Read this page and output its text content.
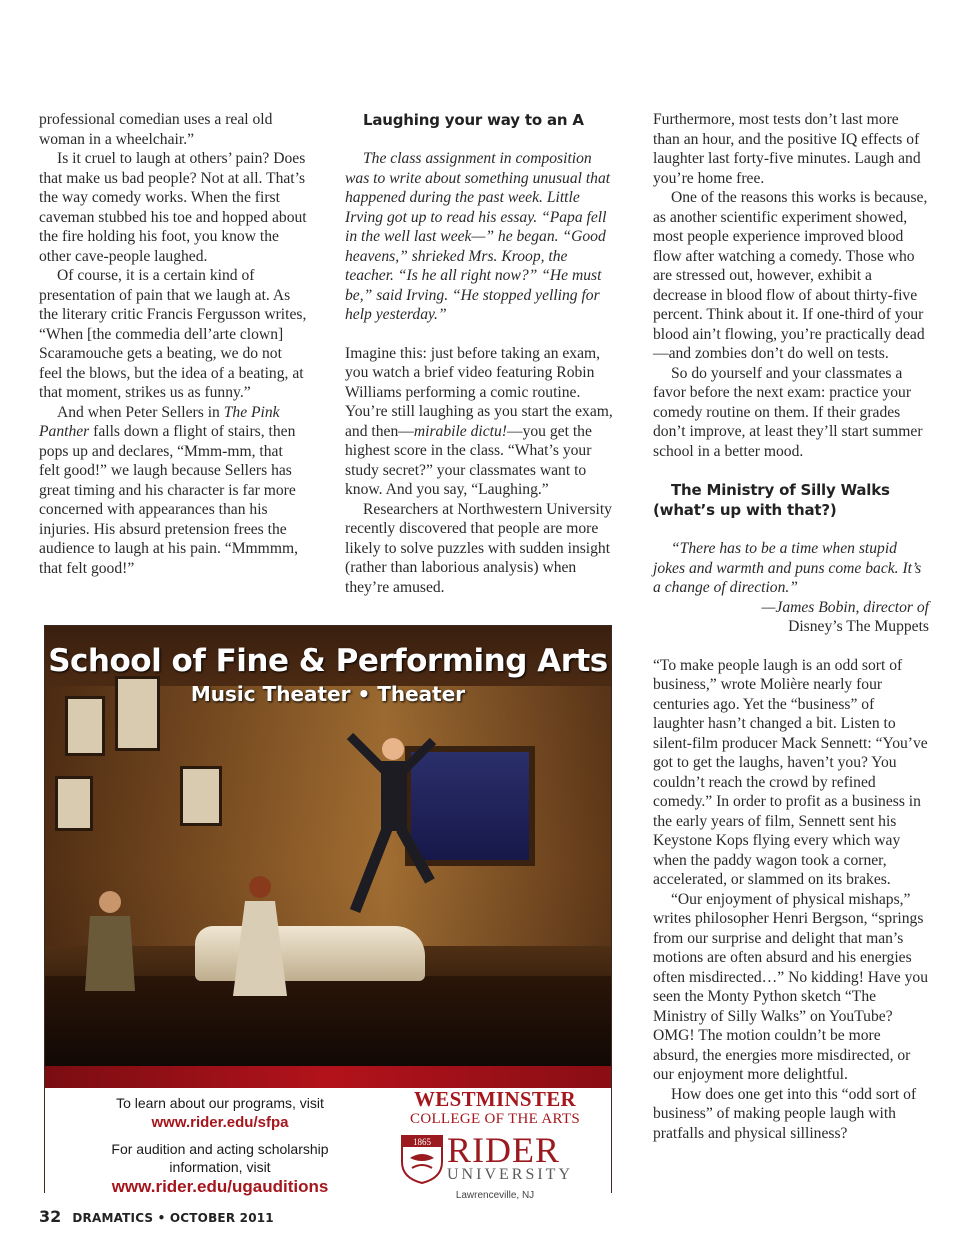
professional comedian uses a real old woman in a wheelchair.”

Is it cruel to laugh at others’ pain? Does that make us bad people? Not at all. That’s the way comedy works. When the first caveman stubbed his toe and hopped about the fire holding his foot, you know the other cave-people laughed.

Of course, it is a certain kind of presentation of pain that we laugh at. As the literary critic Francis Fergusson writes, “When [the commedia dell’arte clown] Scaramouche gets a beating, we do not feel the blows, but the idea of a beating, at that moment, strikes us as funny.”

And when Peter Sellers in The Pink Panther falls down a flight of stairs, then pops up and declares, “Mmm-mm, that felt good!” we laugh because Sellers has great timing and his character is far more concerned with appearances than his injuries. His absurd pretension frees the audience to laugh at his pain. “Mmmmm, that felt good!”

Laughing your way to an A

The class assignment in composition was to write about something unusual that happened during the past week. Little Irving got up to read his essay. “Papa fell in the well last week—” he began. “Good heavens,” shrieked Mrs. Kroop, the teacher. “Is he all right now?” “He must be,” said Irving. “He stopped yelling for help yesterday.”

Imagine this: just before taking an exam, you watch a brief video featuring Robin Williams performing a comic routine. You’re still laughing as you start the exam, and then—mirabile dictu!—you get the highest score in the class. “What’s your study secret?” your classmates want to know. And you say, “Laughing.”

Researchers at Northwestern University recently discovered that people are more likely to solve puzzles with sudden insight (rather than laborious analysis) when they’re amused.

Furthermore, most tests don’t last more than an hour, and the positive IQ effects of laughter last forty-five minutes. Laugh and you’re home free.

One of the reasons this works is because, as another scientific experiment showed, most people experience improved blood flow after watching a comedy. Those who are stressed out, however, exhibit a decrease in blood flow of about thirty-five percent. Think about it. If one-third of your blood ain’t flowing, you’re practically dead—and zombies don’t do well on tests.

So do yourself and your classmates a favor before the next exam: practice your comedy routine on them. If their grades don’t improve, at least they’ll start summer school in a better mood.

The Ministry of Silly Walks
(what’s up with that?)

“There has to be a time when stupid jokes and warmth and puns come back. It’s a change of direction.”

—James Bobin, director of

Disney’s The Muppets

“To make people laugh is an odd sort of business,” wrote Molière nearly four centuries ago. Yet the “business” of laughter hasn’t changed a bit. Listen to silent-film producer Mack Sennett: “You’ve got to get the laughs, haven’t you? You couldn’t reach the crowd by refined comedy.” In order to profit as a business in the early years of film, Sennett sent his Keystone Kops flying every which way when the paddy wagon took a corner, accelerated, or slammed on its brakes.

“Our enjoyment of physical mishaps,” writes philosopher Henri Bergson, “springs from our surprise and delight that man’s motions are often absurd and his energies often misdirected…” No kidding! Have you seen the Monty Python sketch “The Ministry of Silly Walks” on YouTube? OMG! The motion couldn’t be more absurd, the energies more misdirected, or our enjoyment more delightful.

How does one get into this “odd sort of business” of making people laugh with pratfalls and physical silliness?

School of Fine & Performing Arts
Music Theater • Theater
To learn about our programs, visit
www.rider.edu/sfpa
For audition and acting scholarship information, visit
www.rider.edu/ugauditions
WESTMINSTER
COLLEGE OF THE ARTS
1865 RIDER
UNIVERSITY
Lawrenceville, NJ
32 DRAMATICS • OCTOBER 2011
